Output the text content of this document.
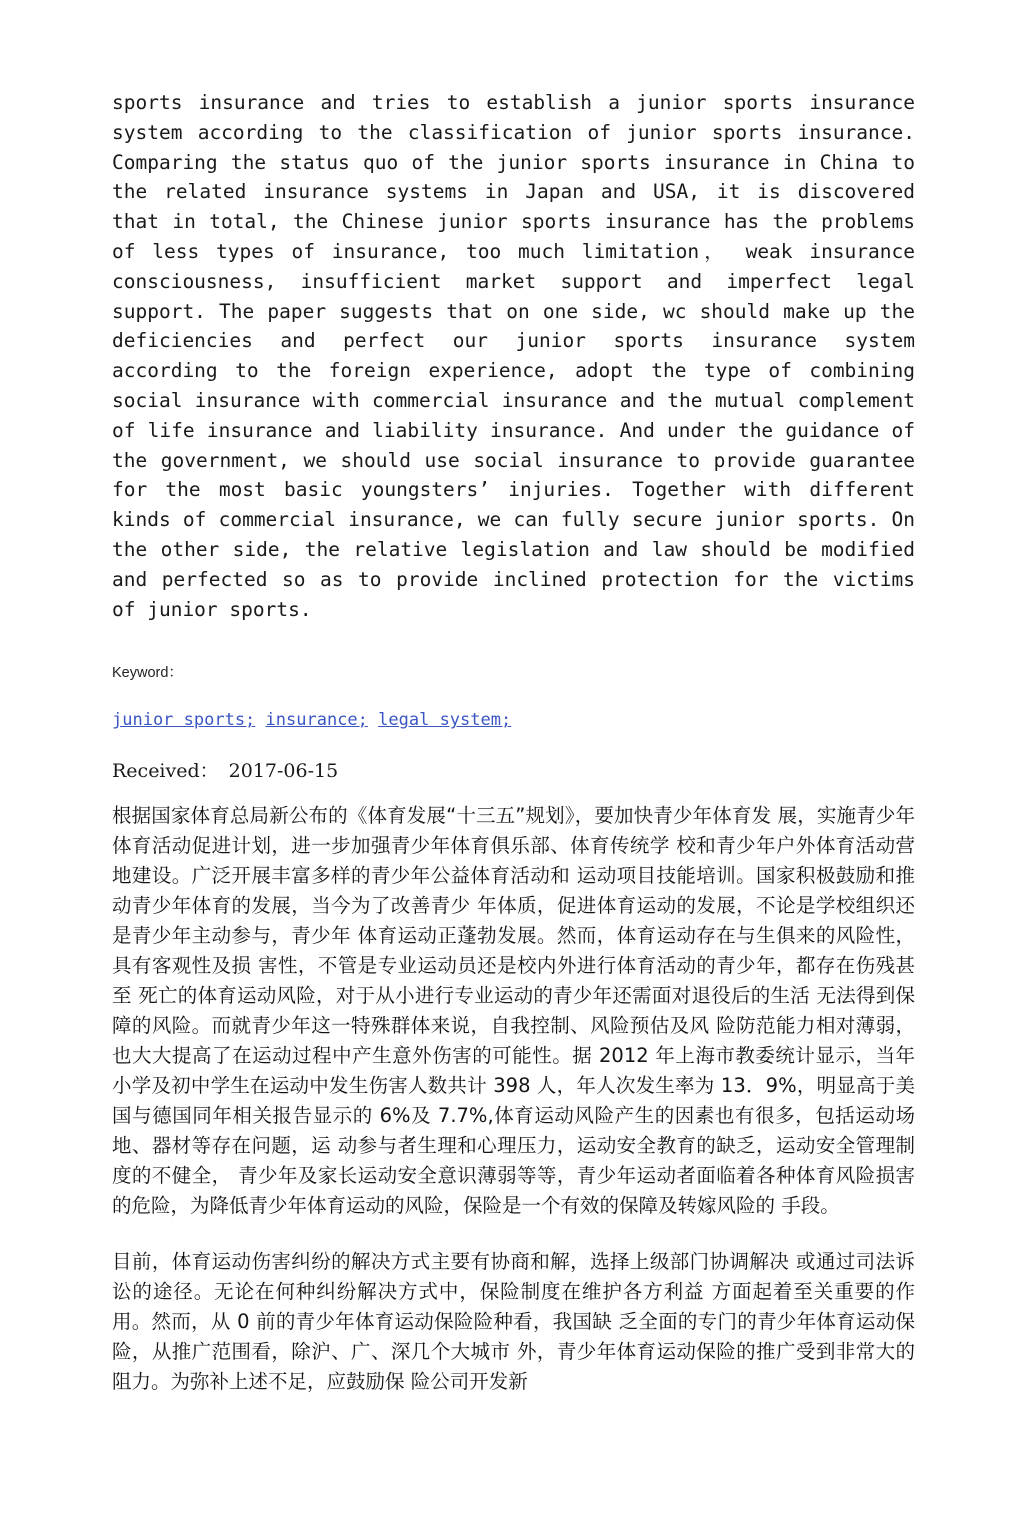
sports insurance and tries to establish a junior sports insurance system according to the classification of junior sports insurance. Comparing the status quo of the junior sports insurance in China to the related insurance systems in Japan and USA, it is discovered that in total, the Chinese junior sports insurance has the problems of less types of insurance, too much limitation， weak insurance consciousness, insufficient market support and imperfect legal support. The paper suggests that on one side, wc should make up the deficiencies and perfect our junior sports insurance system according to the foreign experience, adopt the type of combining social insurance with commercial insurance and the mutual complement of life insurance and liability insurance. And under the guidance of the government, we should use social insurance to provide guarantee for the most basic youngsters’ injuries. Together with different kinds of commercial insurance, we can fully secure junior sports. On the other side, the relative legislation and law should be modified and perfected so as to provide inclined protection for the victims of junior sports.

Keyword：
junior sports; insurance; legal system;
Received： 2017-06-15

根据国家体育总局新公布的《体育发展“十三五”规划》，要加快青少年体育发 展，实施青少年体育活动促进计划，进一步加强青少年体育俱乐部、体育传统学 校和青少年户外体育活动营地建设。广泛开展丰富多样的青少年公益体育活动和 运动项目技能培训。国家积极鼓励和推动青少年体育的发展，当今为了改善青少 年体质，促进体育运动的发展，不论是学校组织还是青少年主动参与，青少年 体育运动正蓬勃发展。然而，体育运动存在与生俱来的风险性，具有客观性及损 害性，不管是专业运动员还是校内外进行体育活动的青少年，都存在伤残甚至 死亡的体育运动风险，对于从小进行专业运动的青少年还需面对退役后的生活 无法得到保障的风险。而就青少年这一特殊群体来说，自我控制、风险预估及风 险防范能力相对薄弱，也大大提高了在运动过程中产生意外伤害的可能性。据 2012 年上海市教委统计显示，当年小学及初中学生在运动中发生伤害人数共计 398 人，年人次发生率为 13．9%，明显高于美国与德国同年相关报告显示的 6%及 7.7%,体育运动风险产生的因素也有很多，包括运动场地、器材等存在问题，运 动参与者生理和心理压力，运动安全教育的缺乏，运动安全管理制度的不健全， 青少年及家长运动安全意识薄弱等等，青少年运动者面临着各种体育风险损害 的危险，为降低青少年体育运动的风险，保险是一个有效的保障及转嫁风险的 手段。

目前，体育运动伤害纠纷的解决方式主要有协商和解，选择上级部门协调解决 或通过司法诉讼的途径。无论在何种纠纷解决方式中，保险制度在维护各方利益 方面起着至关重要的作用。然而，从 0 前的青少年体育运动保险险种看，我国缺 乏全面的专门的青少年体育运动保险，从推广范围看，除沪、广、深几个大城市 外，青少年体育运动保险的推广受到非常大的阻力。为弥补上述不足，应鼓励保 险公司开发新
